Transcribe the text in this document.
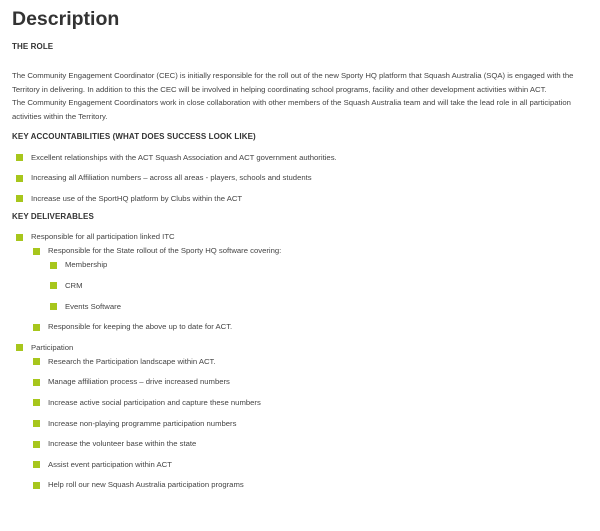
Description
THE ROLE

The Community Engagement Coordinator (CEC) is initially responsible for the roll out of the new Sporty HQ platform that Squash Australia (SQA) is engaged with the Territory in delivering. In addition to this the CEC will be involved in helping coordinating school programs, facility and other development activities within ACT.

The Community Engagement Coordinators work in close collaboration with other members of the Squash Australia team and will take the lead role in all participation activities within the Territory.

KEY ACCOUNTABILITIES (WHAT DOES SUCCESS LOOK LIKE)
Excellent relationships with the ACT Squash Association and ACT government authorities.
Increasing all Affiliation numbers – across all areas - players, schools and students
Increase use of the SportHQ platform by Clubs within the ACT
KEY DELIVERABLES
Responsible for all participation linked ITC
Responsible for the State rollout of the Sporty HQ software covering:
Membership
CRM
Events Software
Responsible for keeping the above up to date for ACT.
Participation
Research the Participation landscape within ACT.
Manage affiliation process – drive increased numbers
Increase active social participation and capture these numbers
Increase non-playing programme participation numbers
Increase the volunteer base within the state
Assist event participation within ACT
Help roll our new Squash Australia participation programs
